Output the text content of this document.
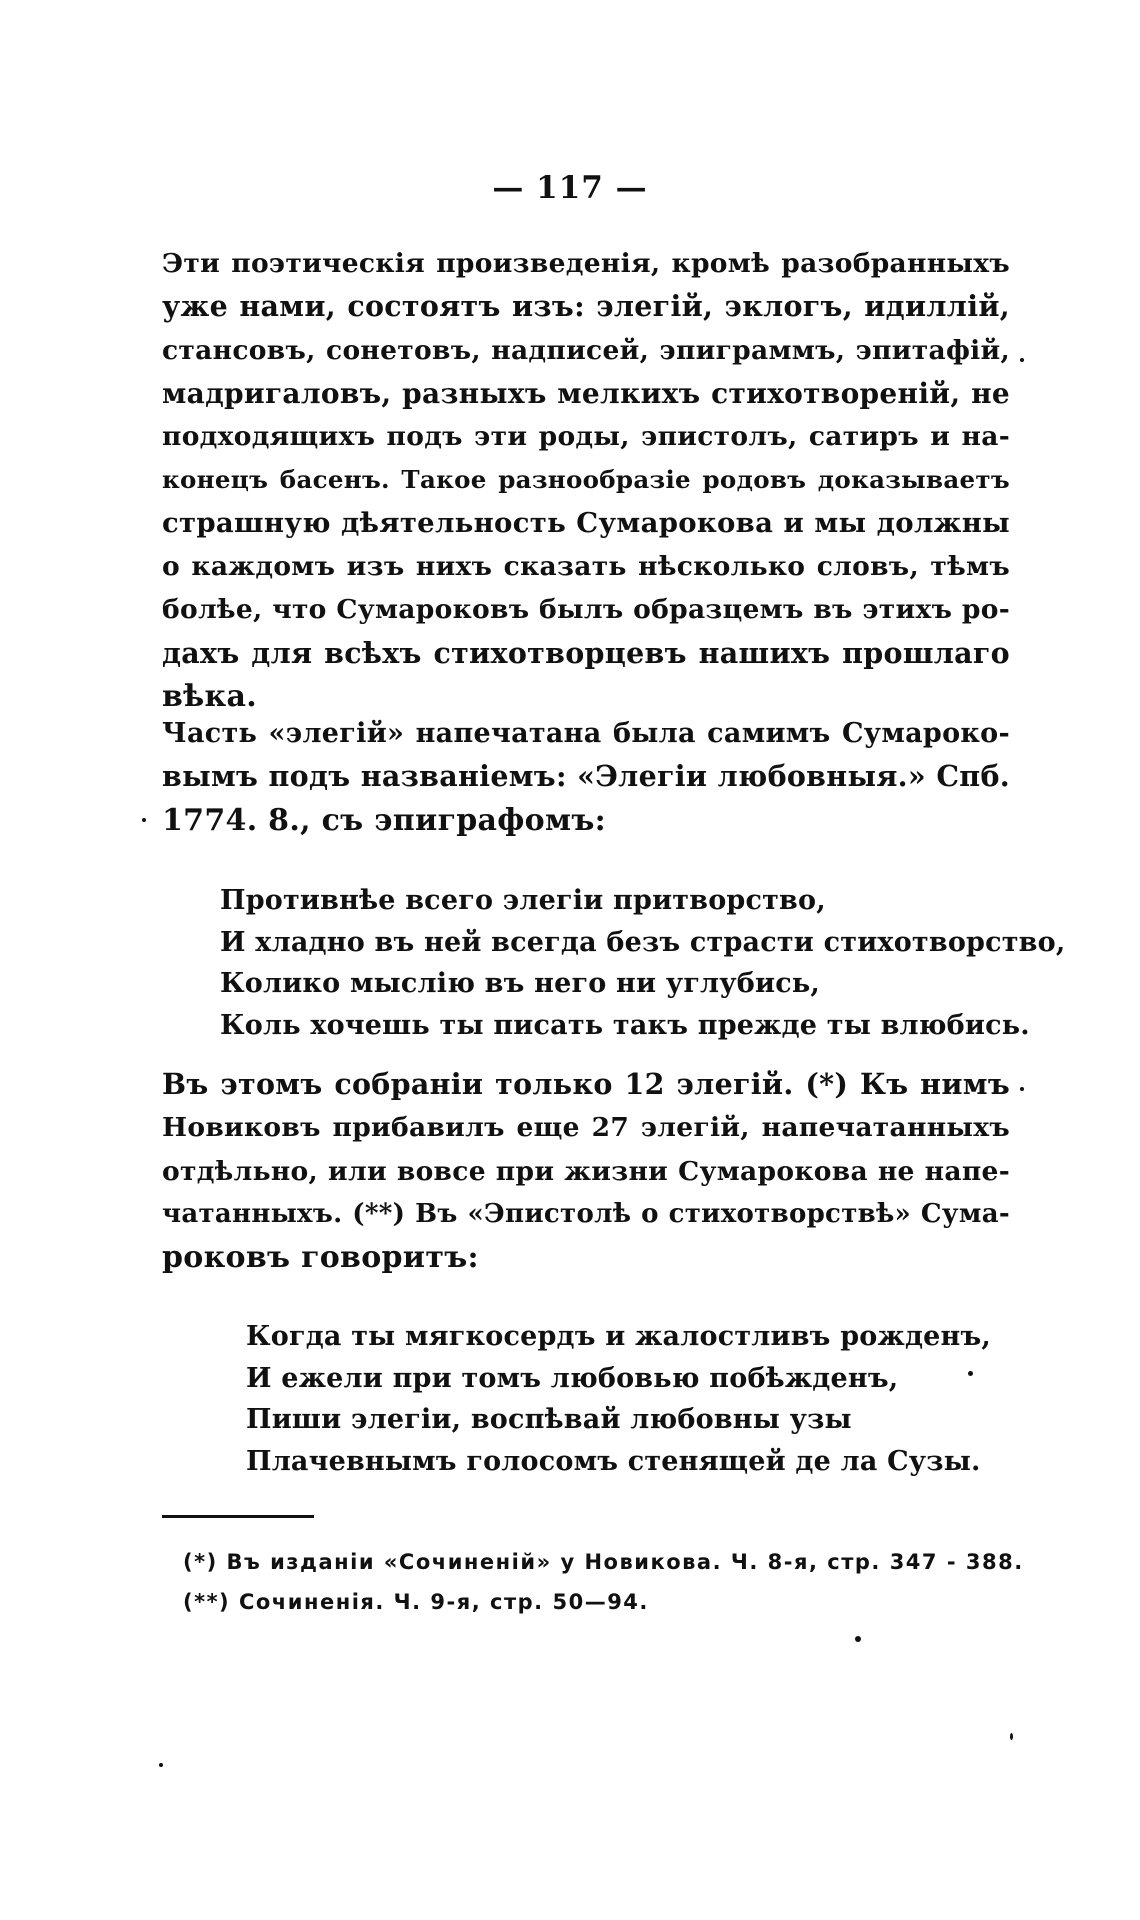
— 117 —
Эти поэтическія произведенія, кромѣ разобранныхъ
уже нами, состоятъ изъ: элегій, эклогъ, идиллій,
стансовъ, сонетовъ, надписей, эпиграммъ, эпитафій,
мадригаловъ, разныхъ мелкихъ стихотвореній, не
подходящихъ подъ эти роды, эпистолъ, сатиръ и на-
конецъ басенъ. Такое разнообразіе родовъ доказываетъ
страшную дѣятельность Сумарокова и мы должны
о каждомъ изъ нихъ сказать нѣсколько словъ, тѣмъ
болѣе, что Сумароковъ былъ образцемъ въ этихъ ро-
дахъ для всѣхъ стихотворцевъ нашихъ прошлаго
вѣка.
Часть «элегій» напечатана была самимъ Сумароко-
вымъ подъ названіемъ: «Элегіи любовныя.» Спб.
1774. 8., съ эпиграфомъ:
Противнѣе всего элегіи притворство,
И хладно въ ней всегда безъ страсти стихотворство,
Колико мыслію въ него ни углубись,
Коль хочешь ты писать такъ прежде ты влюбись.
Въ этомъ собраніи только 12 элегій. (*) Къ нимъ
Новиковъ прибавилъ еще 27 элегій, напечатанныхъ
отдѣльно, или вовсе при жизни Сумарокова не напе-
чатанныхъ. (**) Въ «Эпистолѣ о стихотворствѣ» Сума-
роковъ говоритъ:
Когда ты мягкосердъ и жалостливъ рожденъ,
И ежели при томъ любовью побѣжденъ,
Пиши элегіи, воспѣвай любовны узы
Плачевнымъ голосомъ стенящей де ла Сузы.
(*) Въ изданіи «Сочиненій» у Новикова. Ч. 8-я, стр. 347 - 388.
(**) Сочиненія. Ч. 9-я, стр. 50—94.
